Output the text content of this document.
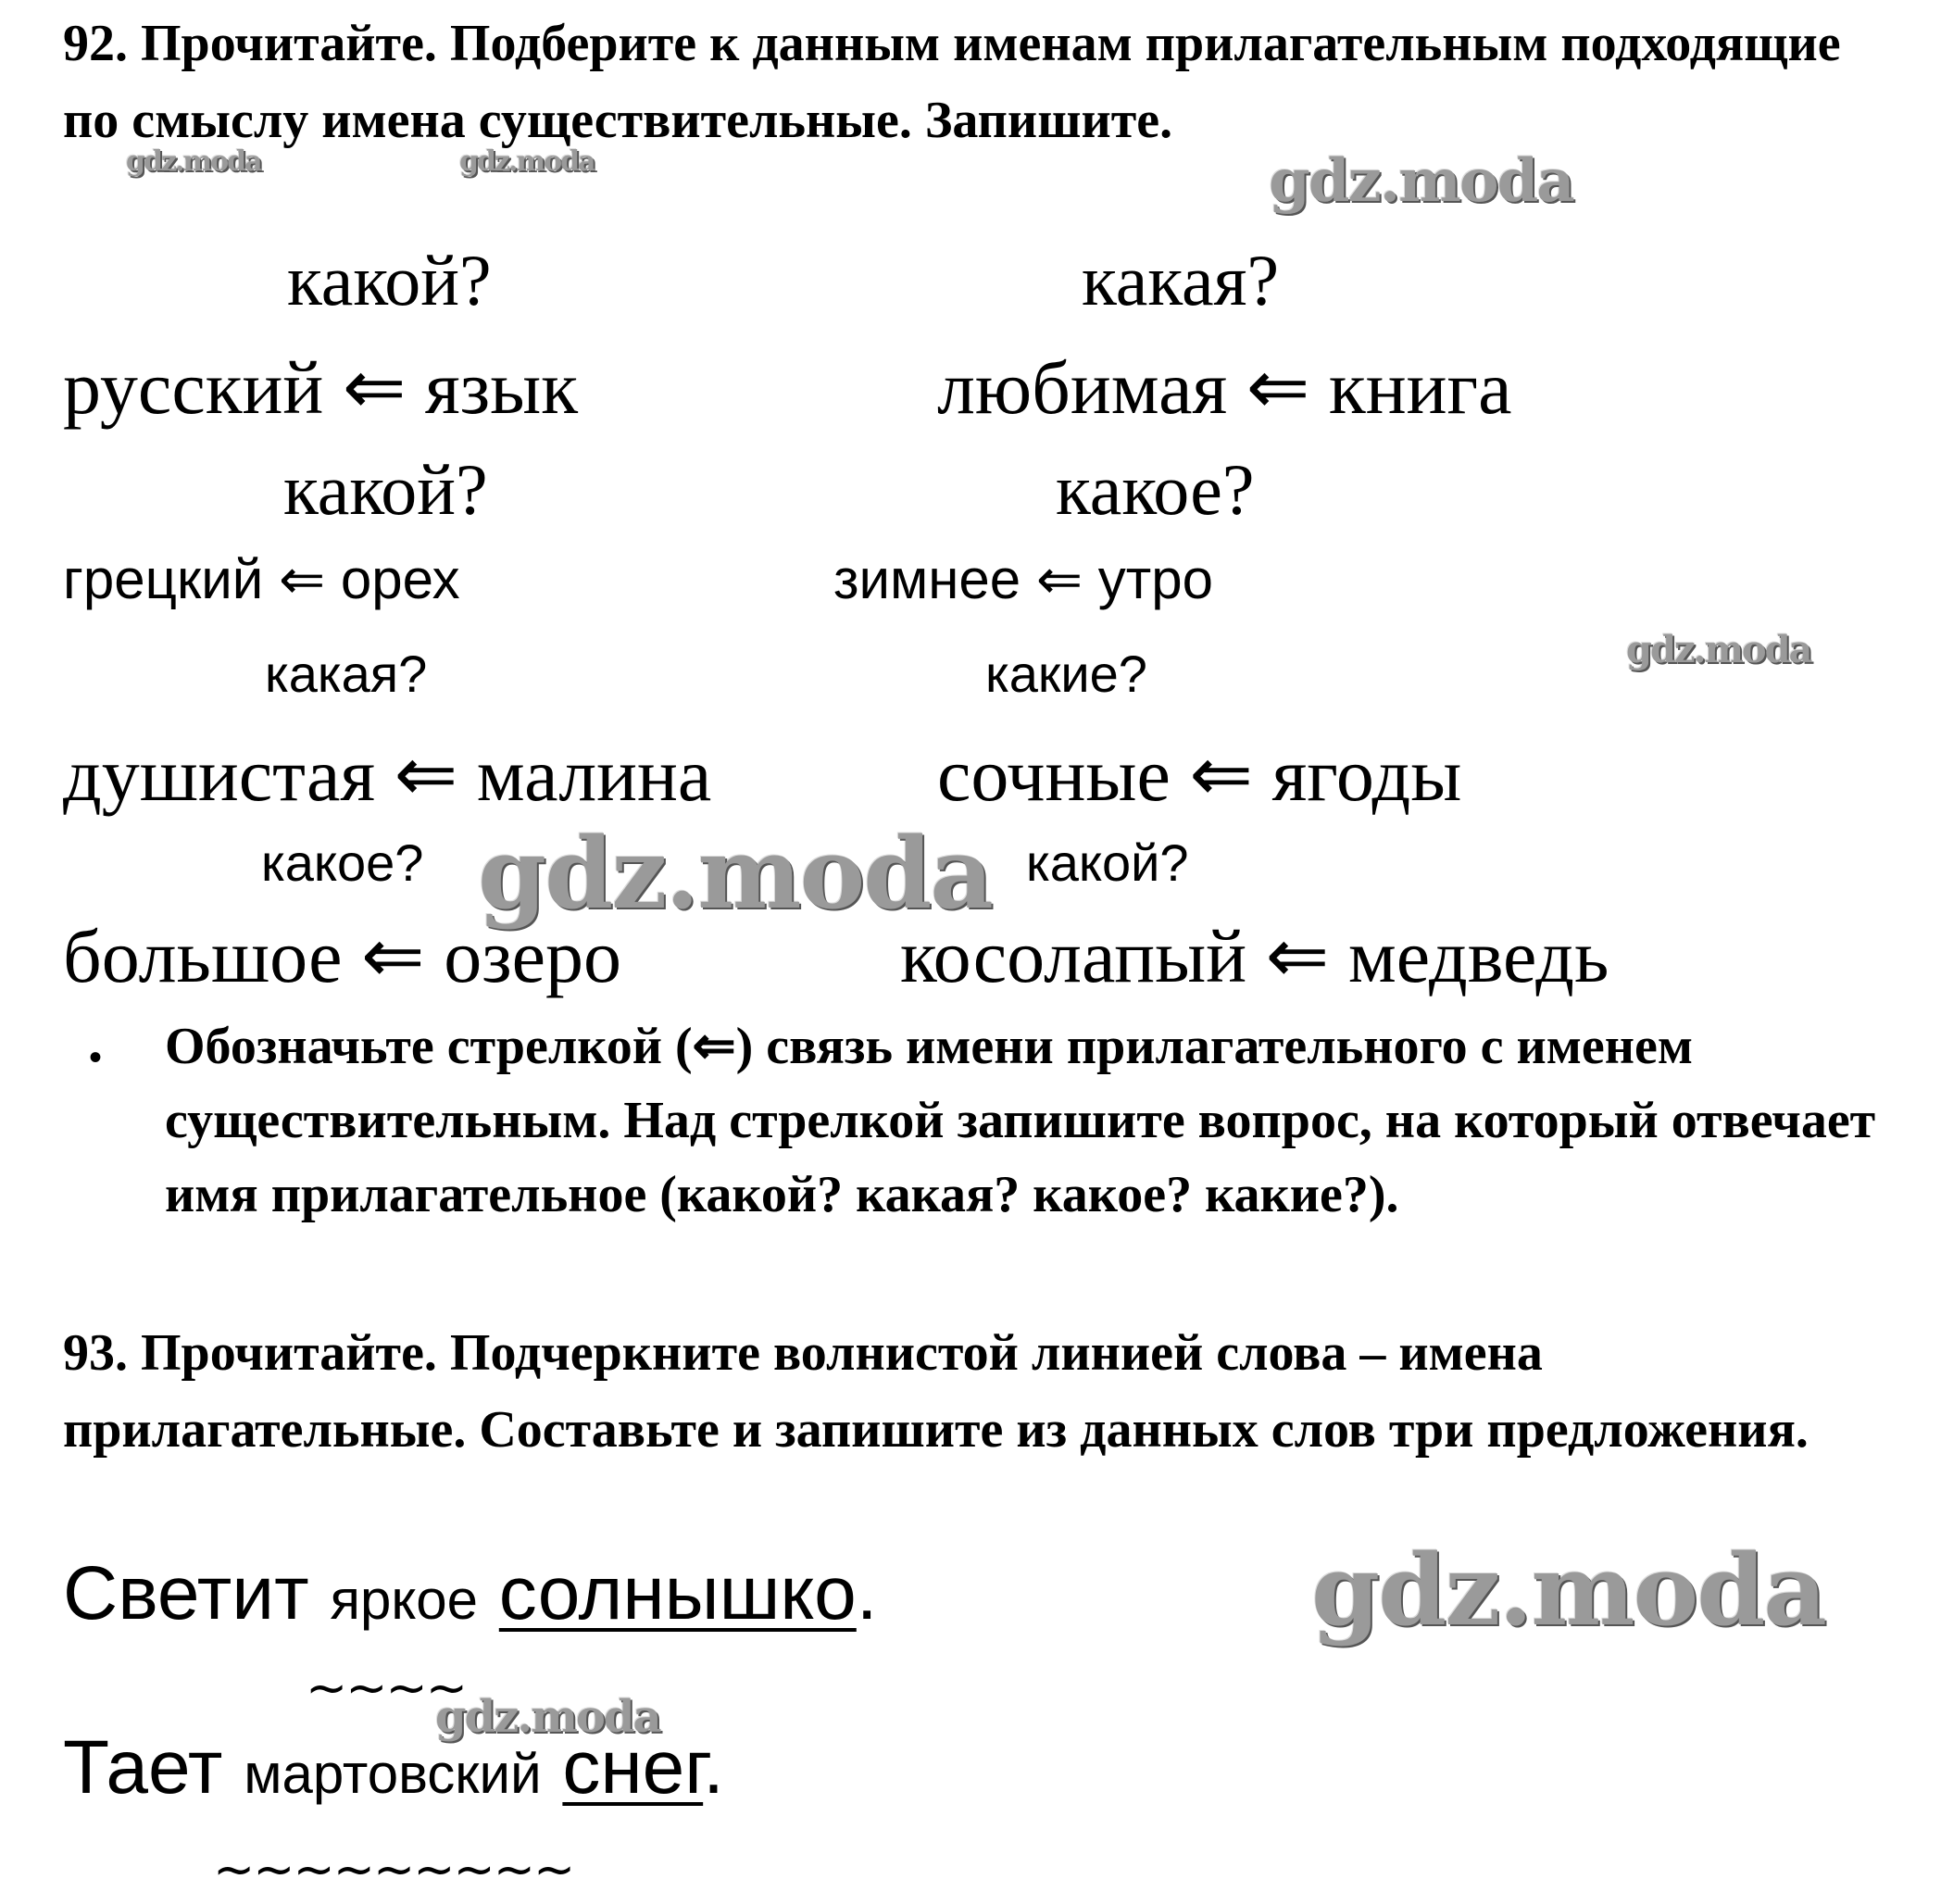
92. Прочитайте. Подберите к данным именам прилагательным подходящие по смыслу имена существительные. Запишите.
какой?	какая?
русский ⇐ язык	любимая ⇐ книга
какой?	какое?
грецкий ⇐ орех	зимнее ⇐ утро
какая?	какие?
душистая ⇐ малина	сочные ⇐ ягоды
какое?	какой?
большое ⇐ озеро	косолапый ⇐ медведь
• Обозначьте стрелкой (⇐) связь имени прилагательного с именем существительным. Над стрелкой запишите вопрос, на который отвечает имя прилагательное (какой? какая? какое? какие?).
93. Прочитайте. Подчеркните волнистой линией слова – имена прилагательные. Составьте и запишите из данных слов три предложения.
Светит яркое солнышко.
~~~~
Тает мартовский снег.
~~~~~~~~~
gdz.moda	gdz.moda	gdz.moda
gdz.moda
gdz.moda
gdz.moda
gdz.moda
